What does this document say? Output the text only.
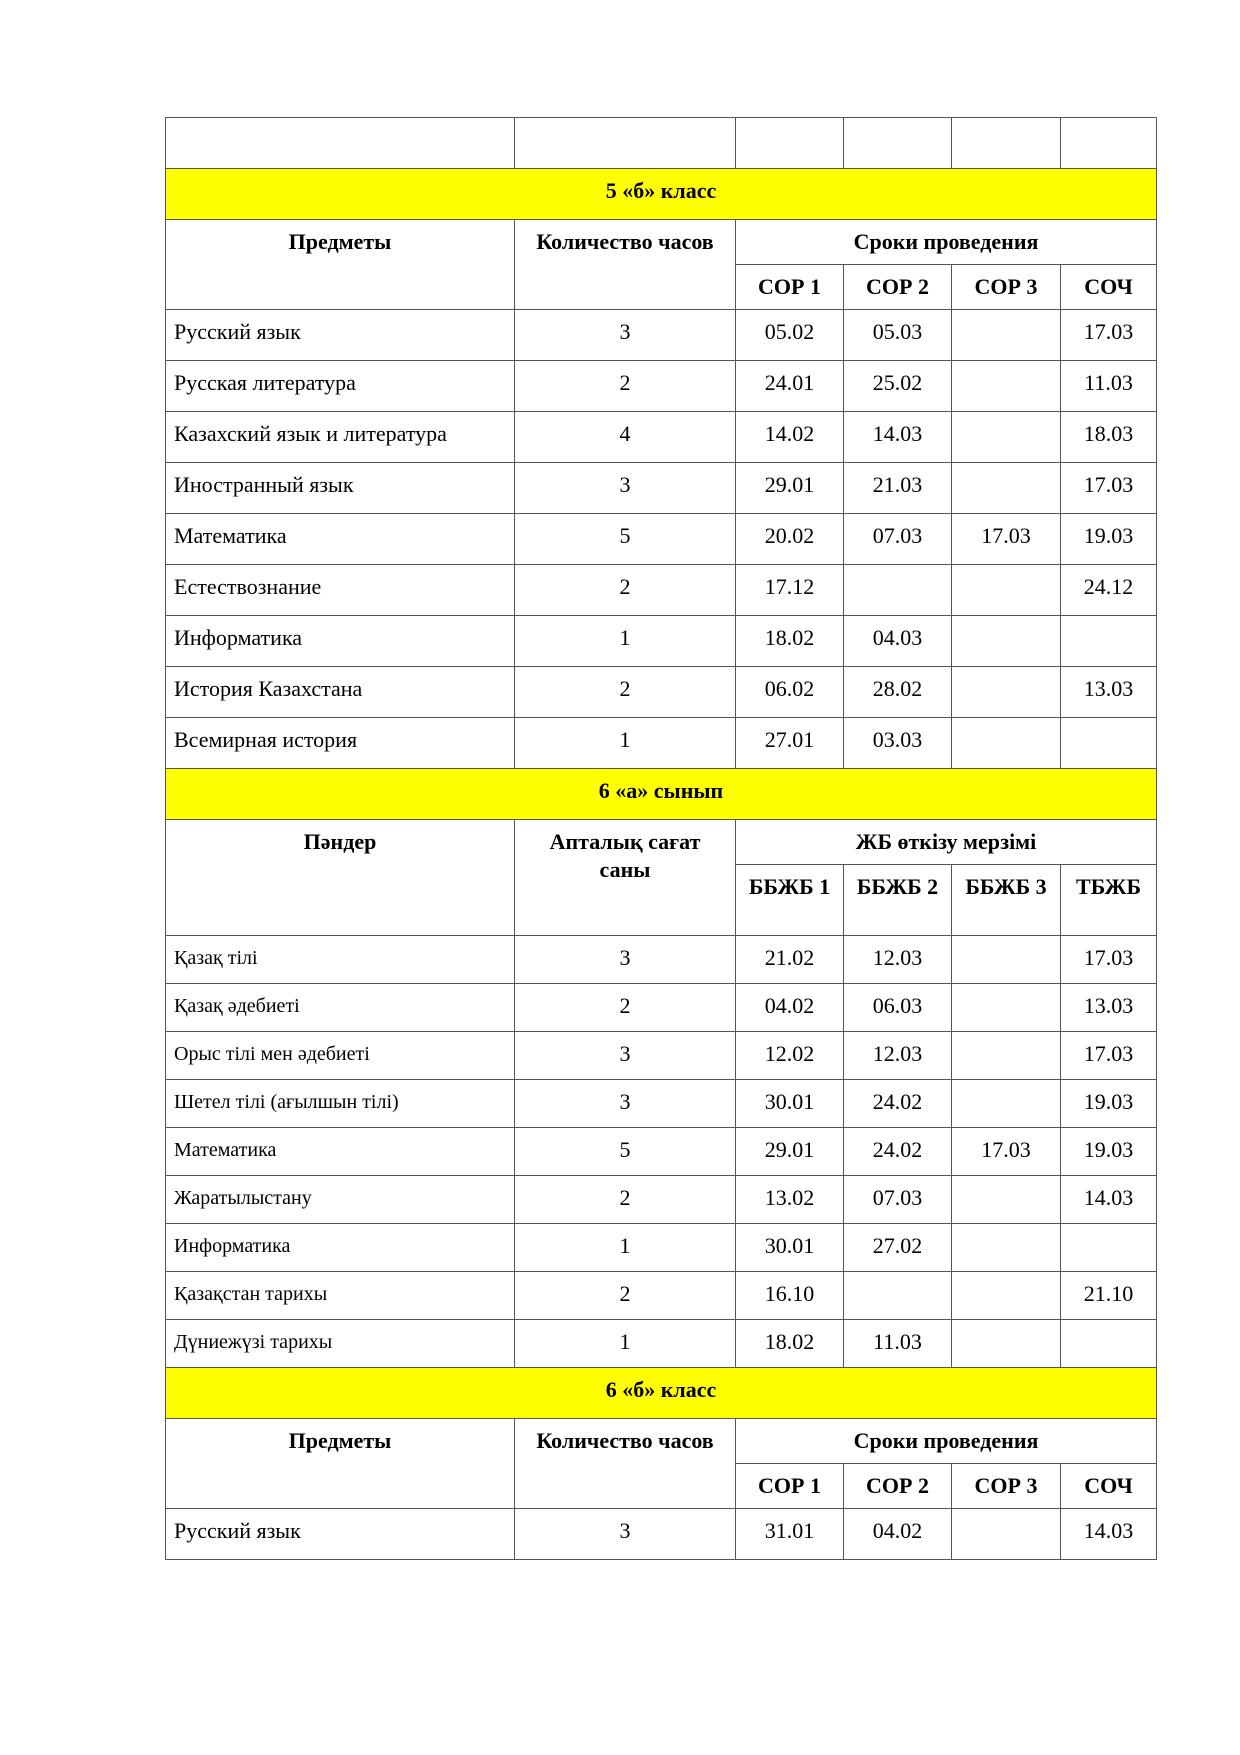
5 «б» класс					
Предметы	Количество часов	Сроки проведения			
		СОР 1	СОР 2	СОР 3	СОЧ
Русский язык	3	05.02	05.03		17.03
Русская литература	2	24.01	25.02		11.03
Казахский язык и литература	4	14.02	14.03		18.03
Иностранный язык	3	29.01	21.03		17.03
Математика	5	20.02	07.03	17.03	19.03
Естествознание	2	17.12			24.12
Информатика	1	18.02	04.03		
История Казахстана	2	06.02	28.02		13.03
Всемирная история	1	27.01	03.03		
6 «а» сынып					
Пәндер	Апталық сағат саны	ЖБ өткізу мерзімі			
		ББЖБ 1	ББЖБ 2	ББЖБ 3	ТБЖБ
Қазақ тілі	3	21.02	12.03		17.03
Қазақ әдебиеті	2	04.02	06.03		13.03
Орыс тілі мен әдебиеті	3	12.02	12.03		17.03
Шетел тілі (ағылшын тілі)	3	30.01	24.02		19.03
Математика	5	29.01	24.02	17.03	19.03
Жаратылыстану	2	13.02	07.03		14.03
Информатика	1	30.01	27.02		
Қазақстан тарихы	2	16.10			21.10
Дүниежүзі тарихы	1	18.02	11.03		
6 «б» класс					
Предметы	Количество часов	Сроки проведения			
		СОР 1	СОР 2	СОР 3	СОЧ
Русский язык	3	31.01	04.02		14.03
